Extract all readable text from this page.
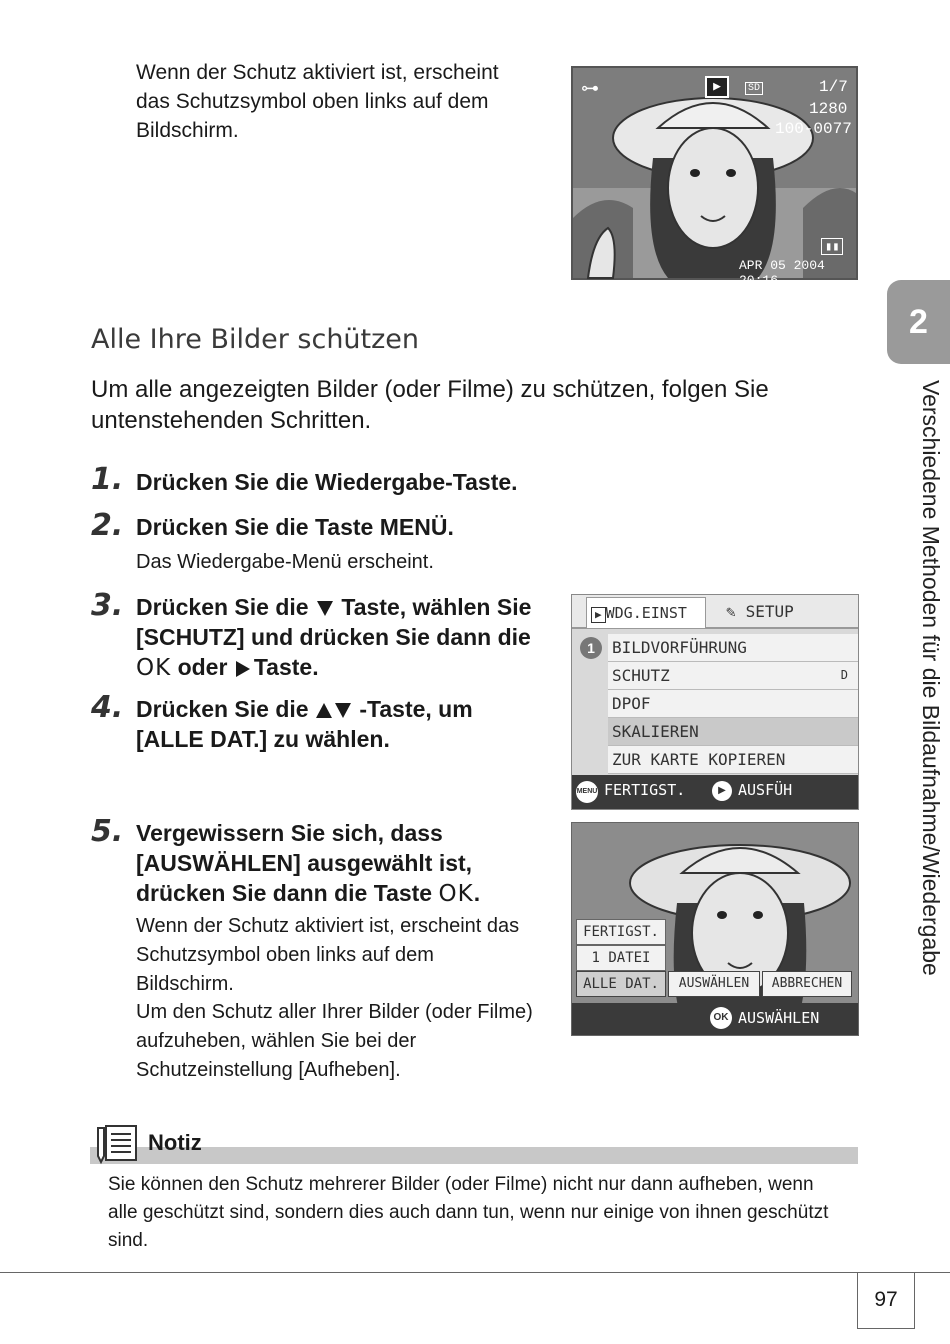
Wenn der Schutz aktiviert ist, erscheint das Schutzsymbol oben links auf dem Bildschirm.
⊶	▶	SD	1/7
1280
100-0077
▮▮
APR 05 2004 20:16
2
Verschiedene Methoden für die Bildaufnahme/Wiedergabe
Alle Ihre Bilder schützen
Um alle angezeigten Bilder (oder Filme) zu schützen, folgen Sie untenstehenden Schritten.
1. Drücken Sie die Wiedergabe-Taste.
2. Drücken Sie die Taste MENÜ.
Das Wiedergabe-Menü erscheint.
3. Drücken Sie die Taste, wählen Sie [SCHUTZ] und drücken Sie dann die OK oder Taste.
4. Drücken Sie die -Taste, um [ALLE DAT.] zu wählen.
▶ WDG.EINST	✎ SETUP
1	BILDVORFÜHRUNG
SCHUTZ	D
DPOF
SKALIEREN
ZUR KARTE KOPIEREN
MENU FERTIGST.	▶ AUSFÜH
5. Vergewissern Sie sich, dass [AUSWÄHLEN] ausgewählt ist, drücken Sie dann die Taste OK.
Wenn der Schutz aktiviert ist, erscheint das Schutzsymbol oben links auf dem Bildschirm.
Um den Schutz aller Ihrer Bilder (oder Filme) aufzuheben, wählen Sie bei der Schutzeinstellung [Aufheben].
FERTIGST.
1 DATEI
ALLE DAT.	AUSWÄHLEN	ABBRECHEN
OK AUSWÄHLEN
Notiz
Sie können den Schutz mehrerer Bilder (oder Filme) nicht nur dann aufheben, wenn alle geschützt sind, sondern dies auch dann tun, wenn nur einige von ihnen geschützt sind.
97
